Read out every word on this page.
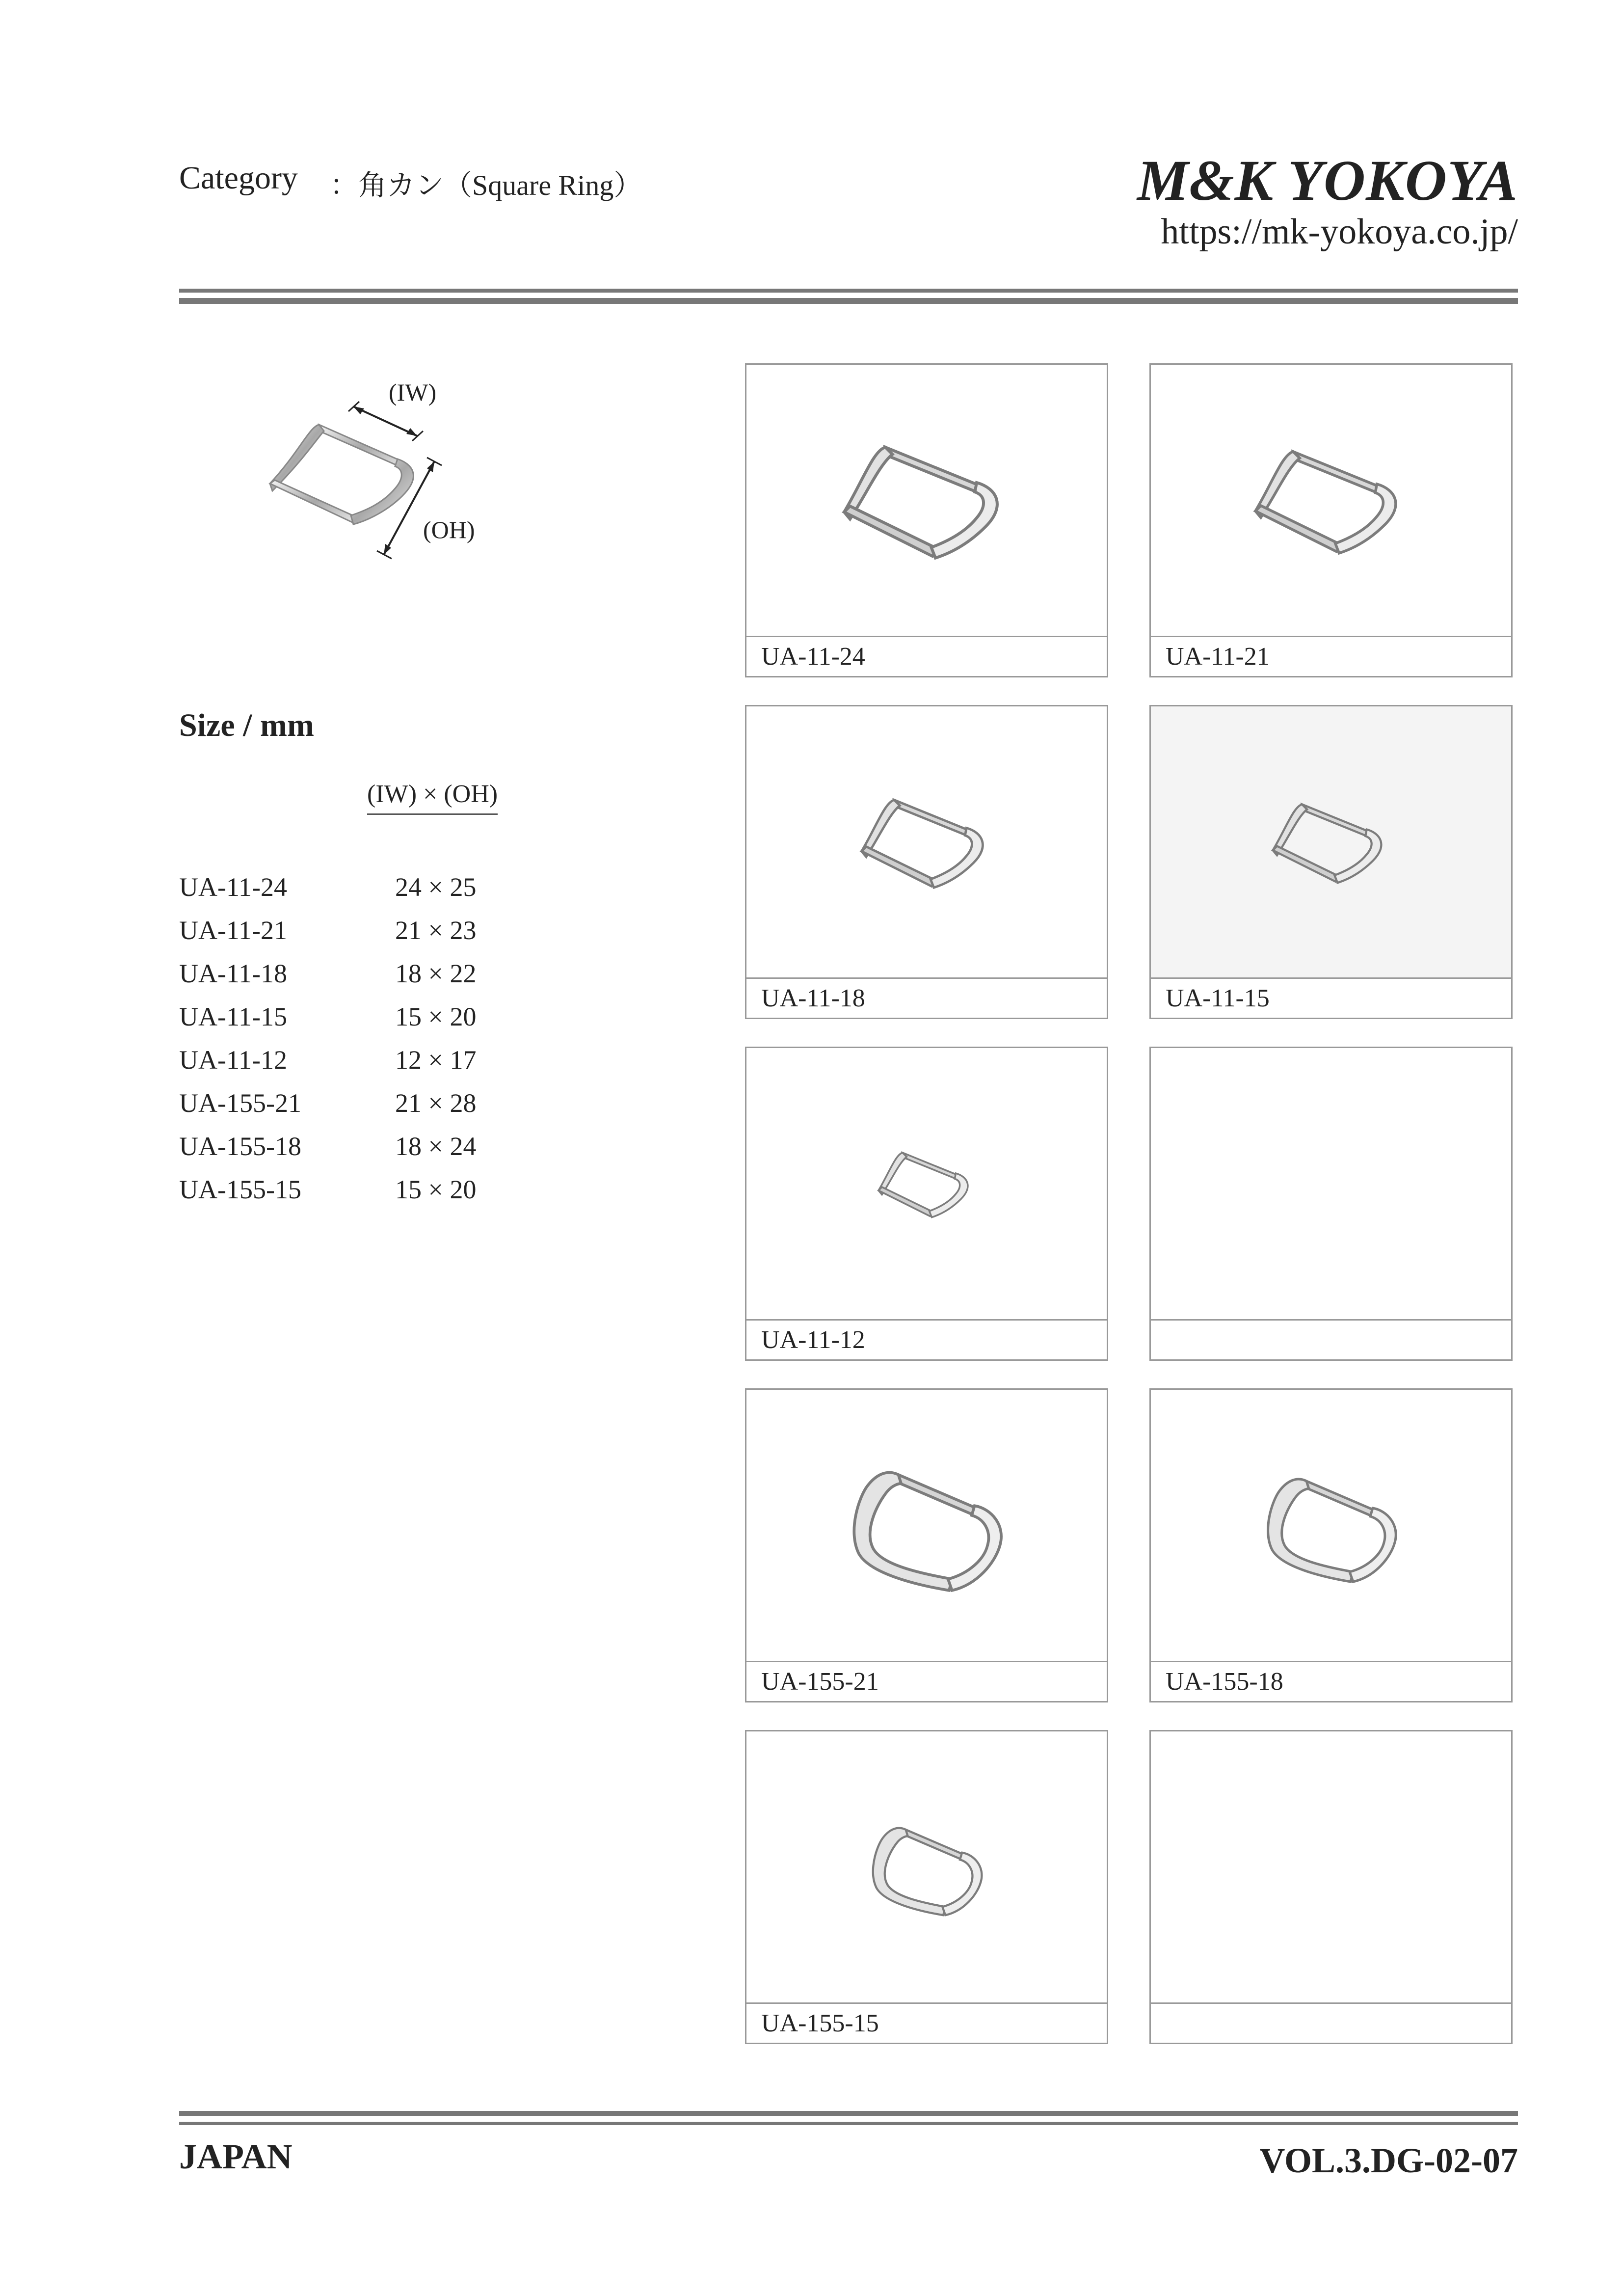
Category ：角カン（Square Ring）	M&K YOKOYA
https://mk-yokoya.co.jp/
(IW)
(OH)
Size / mm
(IW) × (OH)
UA-11-24	24 × 25
UA-11-21	21 × 23
UA-11-18	18 × 22
UA-11-15	15 × 20
UA-11-12	12 × 17
UA-155-21	21 × 28
UA-155-18	18 × 24
UA-155-15	15 × 20
UA-11-24	UA-11-21
UA-11-18	UA-11-15
UA-11-12
UA-155-21	UA-155-18
UA-155-15
JAPAN	VOL.3.DG-02-07
